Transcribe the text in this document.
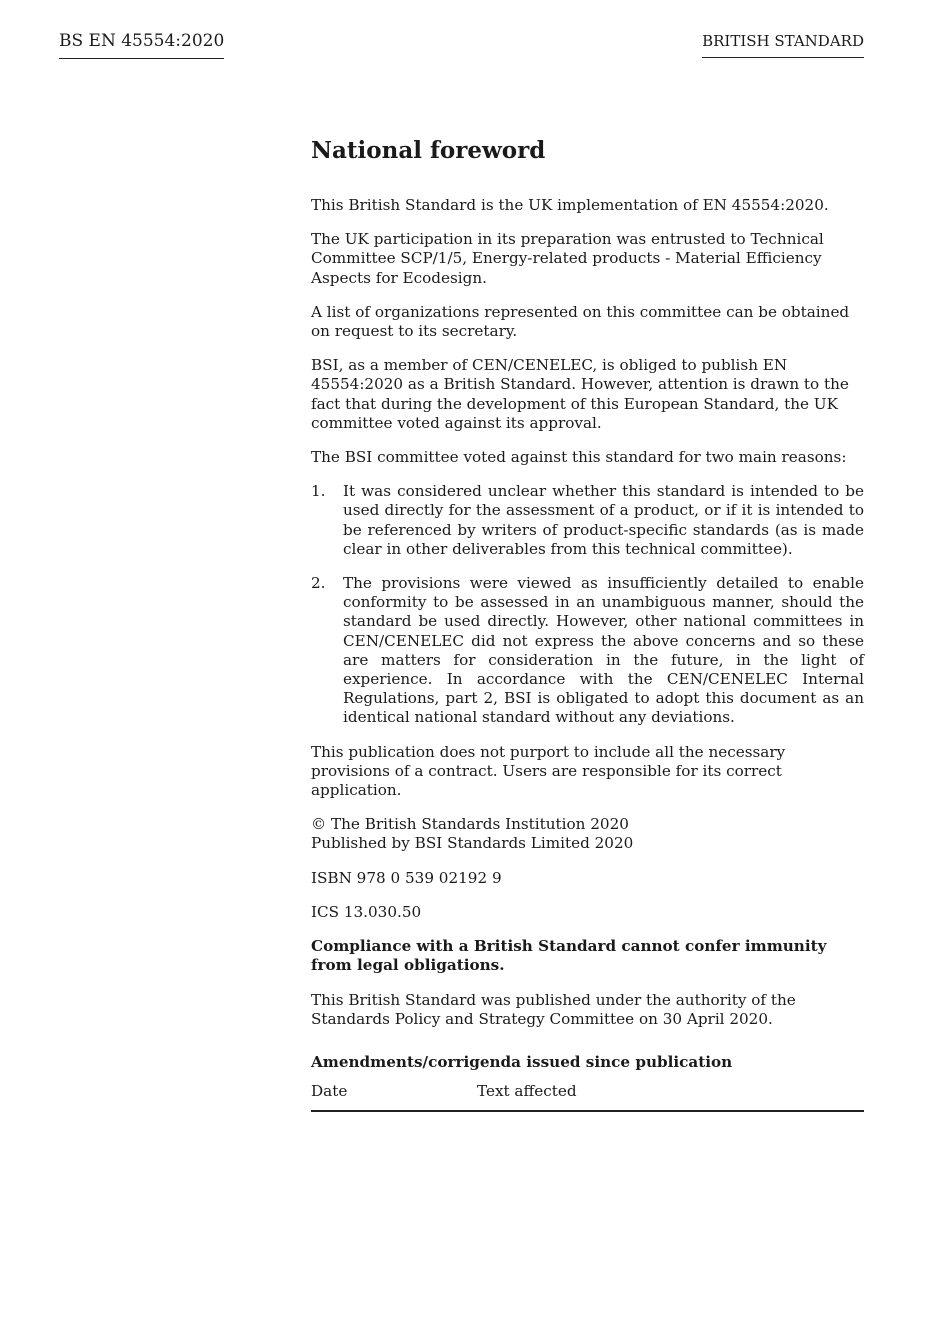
BS EN 45554:2020	BRITISH STANDARD
National foreword

This British Standard is the UK implementation of EN 45554:2020.

The UK participation in its preparation was entrusted to Technical Committee SCP/1/5, Energy-related products - Material Efficiency Aspects for Ecodesign.

A list of organizations represented on this committee can be obtained on request to its secretary.

BSI, as a member of CEN/CENELEC, is obliged to publish EN 45554:2020 as a British Standard. However, attention is drawn to the fact that during the development of this European Standard, the UK committee voted against its approval.

The BSI committee voted against this standard for two main reasons:

1. It was considered unclear whether this standard is intended to be used directly for the assessment of a product, or if it is intended to be referenced by writers of product-specific standards (as is made clear in other deliverables from this technical committee).
2. The provisions were viewed as insufficiently detailed to enable conformity to be assessed in an unambiguous manner, should the standard be used directly. However, other national committees in CEN/CENELEC did not express the above concerns and so these are matters for consideration in the future, in the light of experience. In accordance with the CEN/CENELEC Internal Regulations, part 2, BSI is obligated to adopt this document as an identical national standard without any deviations.

This publication does not purport to include all the necessary provisions of a contract. Users are responsible for its correct application.

© The British Standards Institution 2020
Published by BSI Standards Limited 2020

ISBN 978 0 539 02192 9

ICS 13.030.50

Compliance with a British Standard cannot confer immunity from legal obligations.

This British Standard was published under the authority of the Standards Policy and Strategy Committee on 30 April 2020.

Amendments/corrigenda issued since publication
Date	Text affected
